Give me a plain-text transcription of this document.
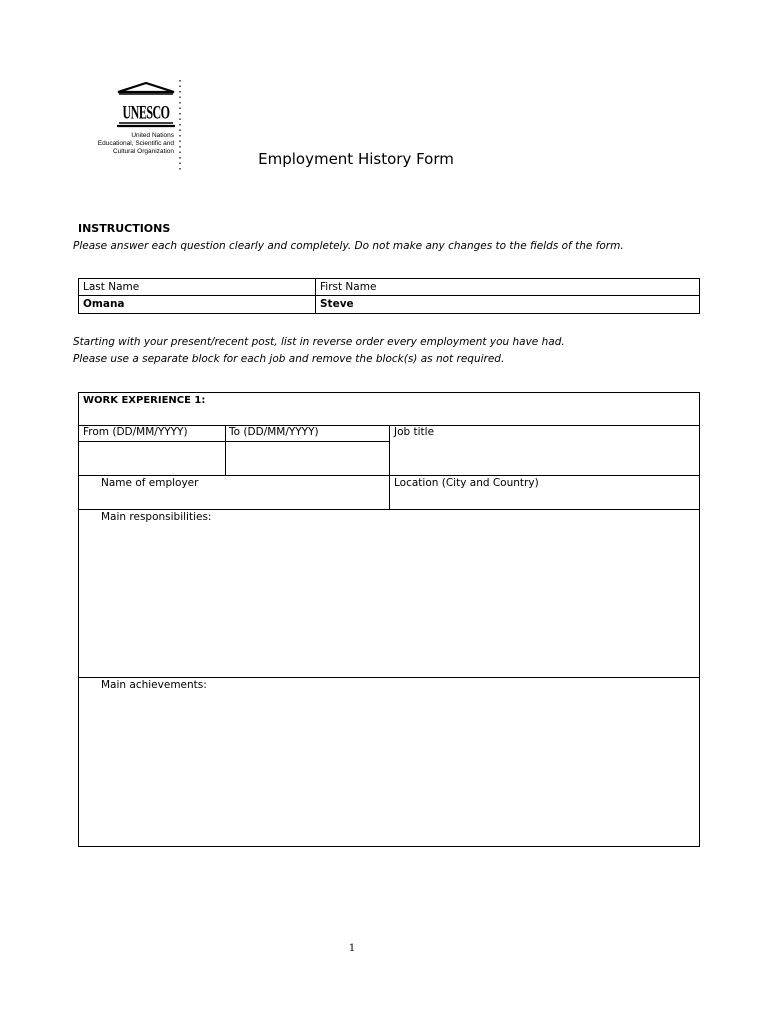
UNESCO
United Nations
Educational, Scientific and
Cultural Organization	Employment History Form
INSTRUCTIONS
Please answer each question clearly and completely. Do not make any changes to the fields of the form.
Last Name	First Name
Omana	Steve
Starting with your present/recent post, list in reverse order every employment you have had.
Please use a separate block for each job and remove the block(s) as not required.
WORK EXPERIENCE 1:
From (DD/MM/YYYY)	To (DD/MM/YYYY)	Job title
Name of employer	Location (City and Country)
Main responsibilities:
Main achievements:
1
